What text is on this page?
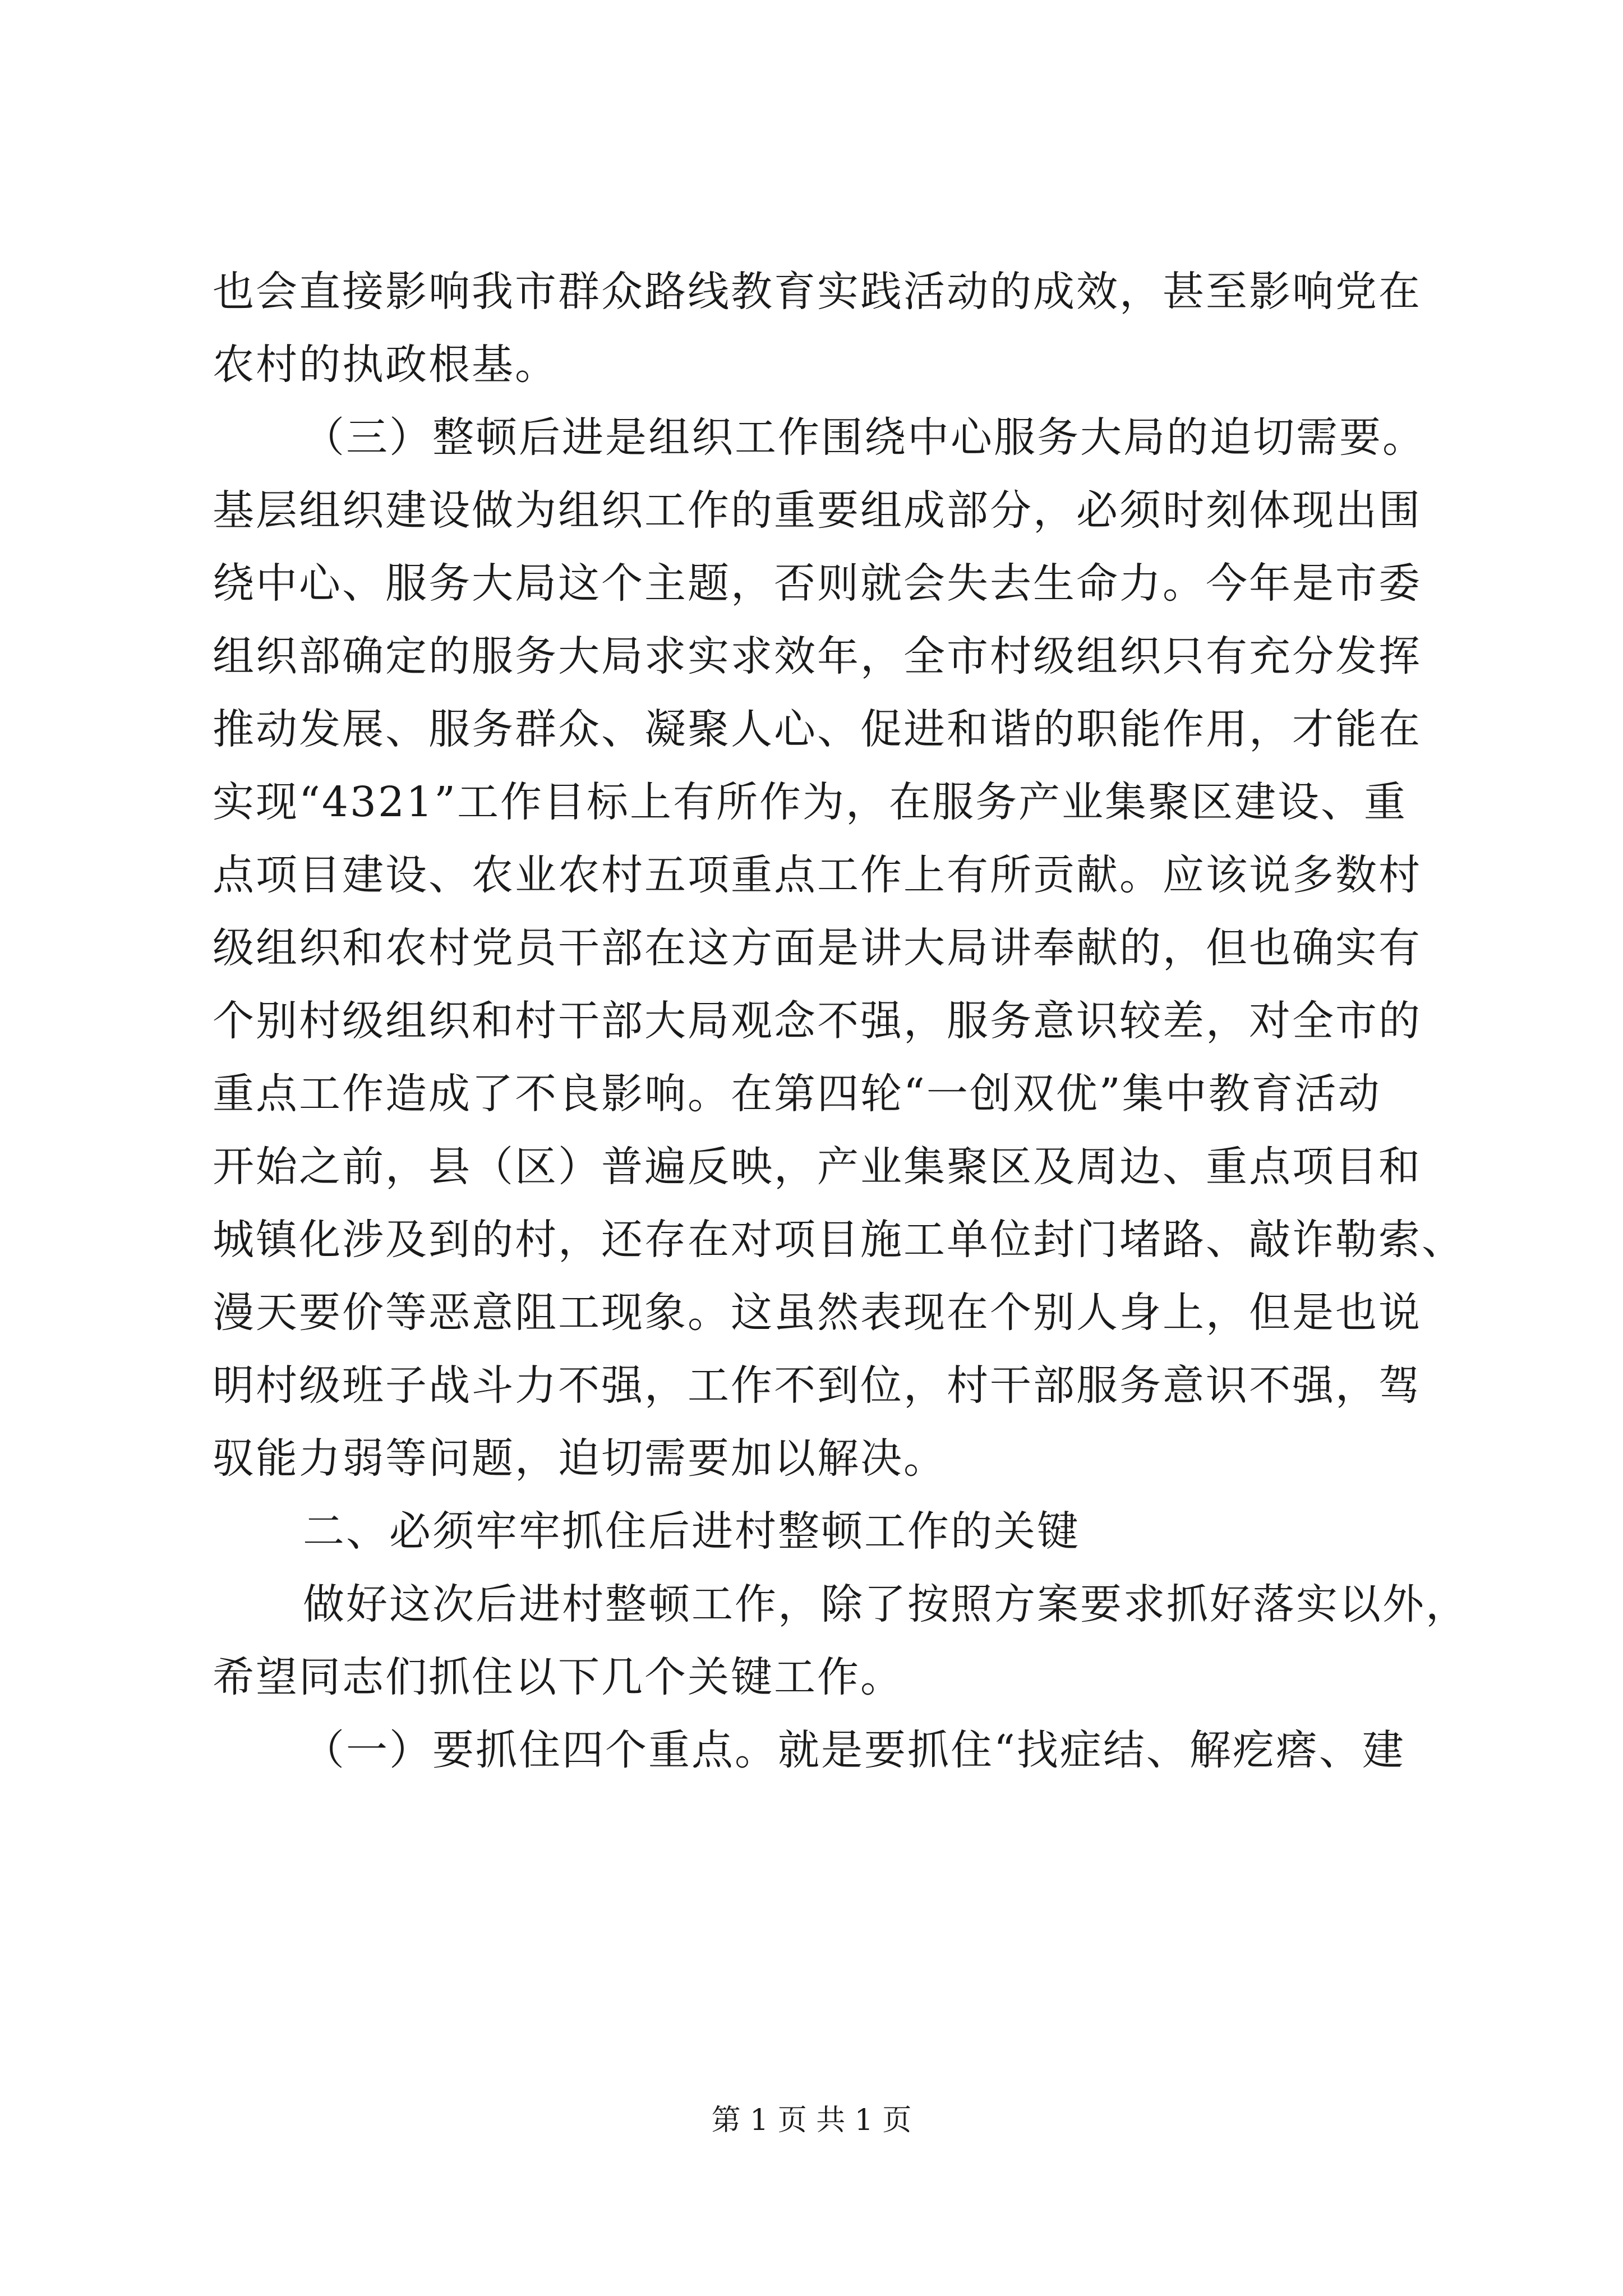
也会直接影响我市群众路线教育实践活动的成效，甚至影响党在

农村的执政根基。

（三）整顿后进是组织工作围绕中心服务大局的迫切需要。

基层组织建设做为组织工作的重要组成部分，必须时刻体现出围

绕中心、服务大局这个主题，否则就会失去生命力。今年是市委

组织部确定的服务大局求实求效年，全市村级组织只有充分发挥

推动发展、服务群众、凝聚人心、促进和谐的职能作用，才能在

实现“4321”工作目标上有所作为，在服务产业集聚区建设、重

点项目建设、农业农村五项重点工作上有所贡献。应该说多数村

级组织和农村党员干部在这方面是讲大局讲奉献的，但也确实有

个别村级组织和村干部大局观念不强，服务意识较差，对全市的

重点工作造成了不良影响。在第四轮“一创双优”集中教育活动

开始之前，县（区）普遍反映，产业集聚区及周边、重点项目和

城镇化涉及到的村，还存在对项目施工单位封门堵路、敲诈勒索、

漫天要价等恶意阻工现象。这虽然表现在个别人身上，但是也说

明村级班子战斗力不强，工作不到位，村干部服务意识不强，驾

驭能力弱等问题，迫切需要加以解决。

二、必须牢牢抓住后进村整顿工作的关键

做好这次后进村整顿工作，除了按照方案要求抓好落实以外，

希望同志们抓住以下几个关键工作。

（一）要抓住四个重点。就是要抓住“找症结、解疙瘩、建

第 1 页 共 1 页
